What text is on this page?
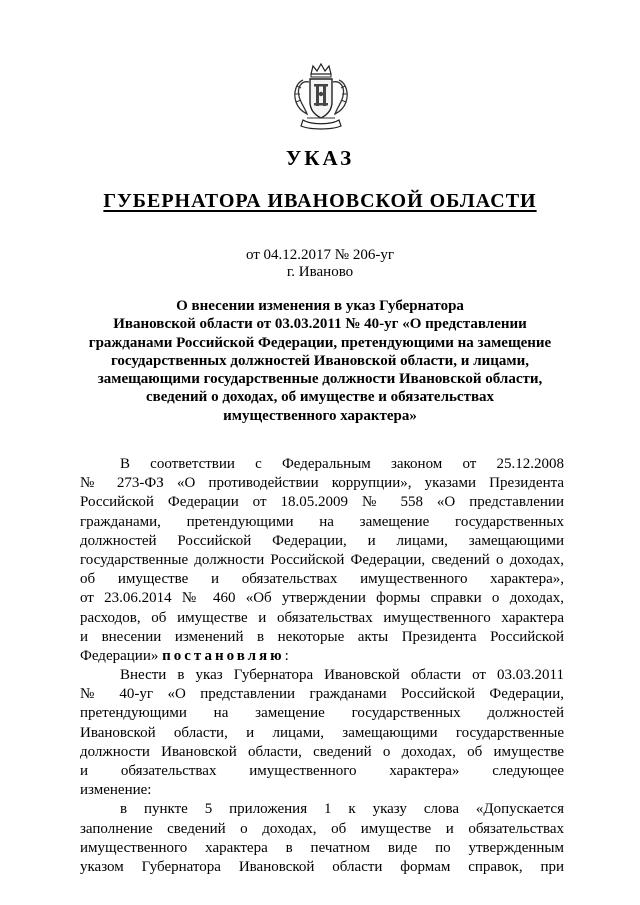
УКАЗ
ГУБЕРНАТОРА ИВАНОВСКОЙ ОБЛАСТИ
от 04.12.2017 № 206-уг
г. Иваново
О внесении изменения в указ Губернатора
Ивановской области от 03.03.2011 № 40-уг «О представлении
гражданами Российской Федерации, претендующими на замещение
государственных должностей Ивановской области, и лицами,
замещающими государственные должности Ивановской области,
сведений о доходах, об имуществе и обязательствах
имущественного характера»
В соответствии с Федеральным законом от 25.12.2008
№ 273-ФЗ «О противодействии коррупции», указами Президента
Российской Федерации от 18.05.2009 № 558 «О представлении
гражданами, претендующими на замещение государственных
должностей Российской Федерации, и лицами, замещающими
государственные должности Российской Федерации, сведений о доходах,
об имуществе и обязательствах имущественного характера»,
от 23.06.2014 № 460 «Об утверждении формы справки о доходах,
расходов, об имуществе и обязательствах имущественного характера
и внесении изменений в некоторые акты Президента Российской
Федерации» постановляю:
Внести в указ Губернатора Ивановской области от 03.03.2011
№ 40-уг «О представлении гражданами Российской Федерации,
претендующими на замещение государственных должностей
Ивановской области, и лицами, замещающими государственные
должности Ивановской области, сведений о доходах, об имуществе
и обязательствах имущественного характера» следующее
изменение:
в пункте 5 приложения 1 к указу слова «Допускается
заполнение сведений о доходах, об имуществе и обязательствах
имущественного характера в печатном виде по утвержденным
указом Губернатора Ивановской области формам справок, при
